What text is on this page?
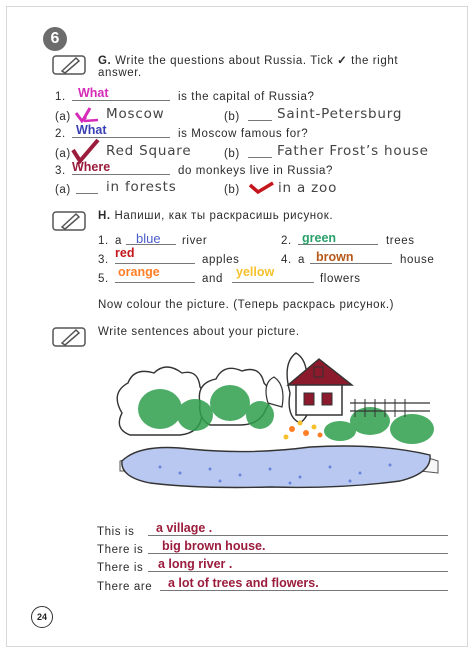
6
G. Write the questions about Russia. Tick ✓ the right
answer.
1. What	is the capital of Russia?
(a)	Moscow	(b)	Saint-Petersburg
2. What	is Moscow famous for?
(a)	Red Square	(b)	Father Frost’s house
3. Where	do monkeys live in Russia?
(a)	in forests	(b)	in a zoo
H. Напиши, как ты раскрасишь рисунок.
1. a blue river	2. green	trees
3. red	apples	4. a brown	house
5. orange	and yellow	flowers
Now colour the picture. (Теперь раскрась рисунок.)
Write sentences about your picture.
This is a village .
There is big brown house.
There is a long river .
There are a lot of trees and flowers.
24
